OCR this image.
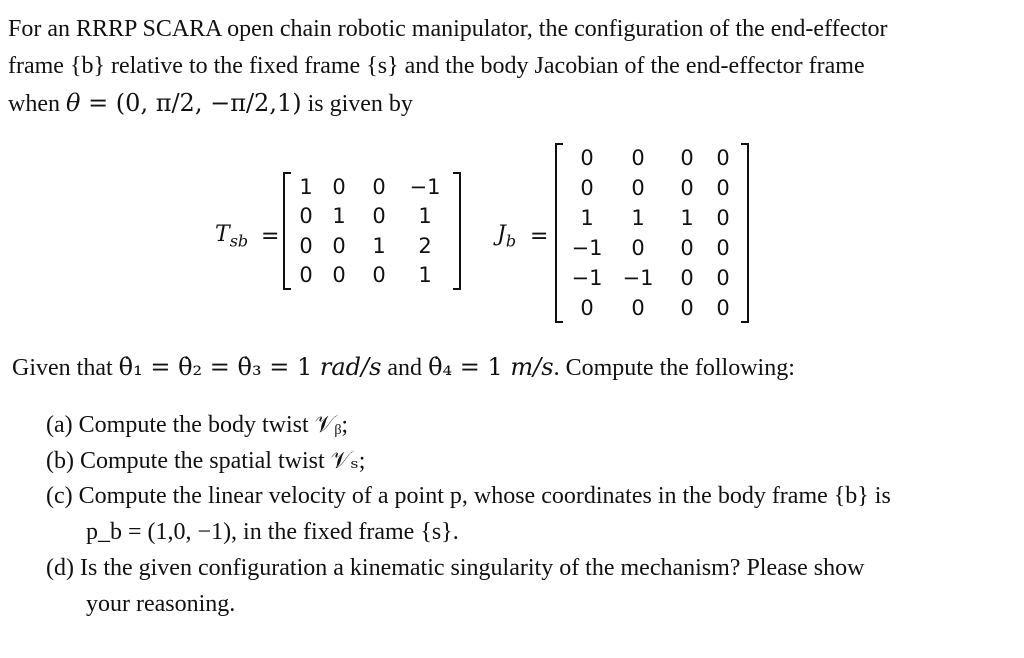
For an RRRP SCARA open chain robotic manipulator, the configuration of the end-effector
frame {b} relative to the fixed frame {s} and the body Jacobian of the end-effector frame
when θ = (0, π/2, −π/2,1) is given by
$T_{sb}$ =
1 0	0	−1
0 1	0	1
0 0	1	2
0 0	0	1
$J_b$ =
0	0	0	0
0	0	0	0
1	1	1	0
−1	0	0	0
−1 −1	0	0
0	0	0	0
Given that θ̇₁ = θ̇₂ = θ̇₃ = 1 rad/s and θ̇₄ = 1 m/s. Compute the following:
(a) Compute the body twist 𝒱ᵦ;
(b) Compute the spatial twist 𝒱ₛ;
(c) Compute the linear velocity of a point p, whose coordinates in the body frame {b} is
p_b = (1,0, −1), in the fixed frame {s}.
(d) Is the given configuration a kinematic singularity of the mechanism? Please show
your reasoning.
